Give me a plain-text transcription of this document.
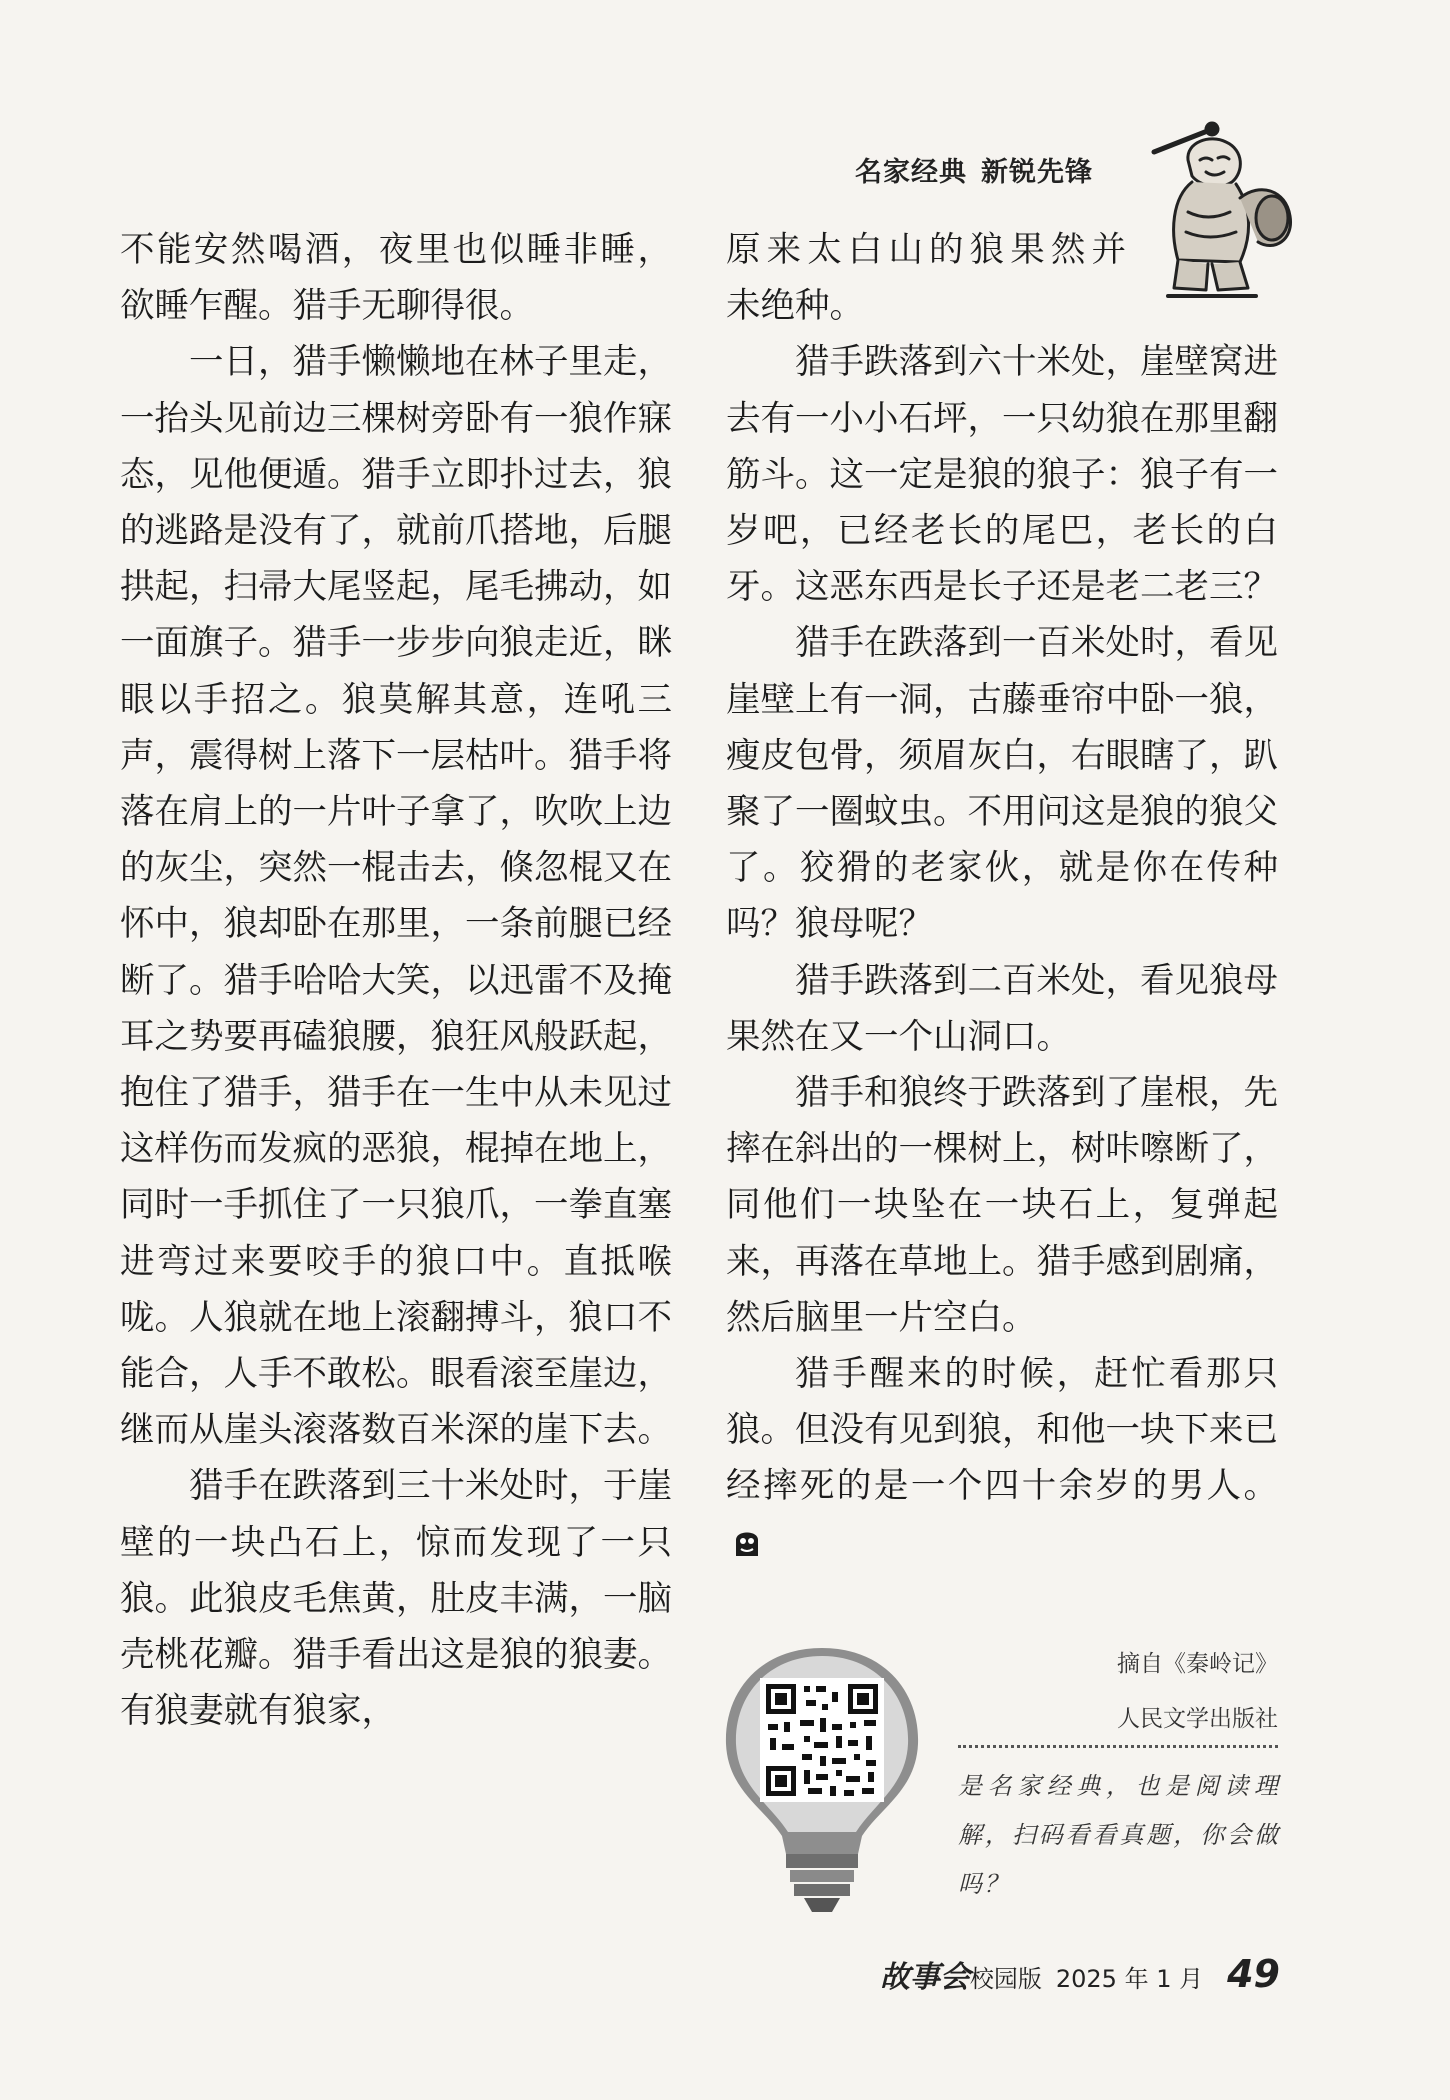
名家经典 新锐先锋

不能安然喝酒，夜里也似睡非睡，

欲睡乍醒。猎手无聊得很。

一日，猎手懒懒地在林子里走，一抬头见前边三棵树旁卧有一狼作寐态，见他便遁。猎手立即扑过去，狼的逃路是没有了，就前爪搭地，后腿拱起，扫帚大尾竖起，尾毛拂动，如一面旗子。猎手一步步向狼走近，眯眼以手招之。狼莫解其意，连吼三声，震得树上落下一层枯叶。猎手将落在肩上的一片叶子拿了，吹吹上边的灰尘，突然一棍击去，倏忽棍又在怀中，狼却卧在那里，一条前腿已经断了。猎手哈哈大笑，以迅雷不及掩耳之势要再磕狼腰，狼狂风般跃起，抱住了猎手，猎手在一生中从未见过这样伤而发疯的恶狼，棍掉在地上，同时一手抓住了一只狼爪，一拳直塞进弯过来要咬手的狼口中。直抵喉咙。人狼就在地上滚翻搏斗，狼口不能合，人手不敢松。眼看滚至崖边，继而从崖头滚落数百米深的崖下去。

猎手在跌落到三十米处时，于崖壁的一块凸石上，惊而发现了一只狼。此狼皮毛焦黄，肚皮丰满，一脑壳桃花瓣。猎手看出这是狼的狼妻。有狼妻就有狼家，

原来太白山的狼果然并
未绝种。

猎手跌落到六十米处，崖壁窝进去有一小小石坪，一只幼狼在那里翻筋斗。这一定是狼的狼子：狼子有一岁吧，已经老长的尾巴，老长的白牙。这恶东西是长子还是老二老三？

猎手在跌落到一百米处时，看见崖壁上有一洞，古藤垂帘中卧一狼，瘦皮包骨，须眉灰白，右眼瞎了，趴聚了一圈蚊虫。不用问这是狼的狼父了。狡猾的老家伙，就是你在传种吗？狼母呢？

猎手跌落到二百米处，看见狼母果然在又一个山洞口。

猎手和狼终于跌落到了崖根，先摔在斜出的一棵树上，树咔嚓断了，同他们一块坠在一块石上，复弹起来，再落在草地上。猎手感到剧痛，然后脑里一片空白。

猎手醒来的时候，赶忙看那只狼。但没有见到狼，和他一块下来已经摔死的是一个四十余岁的男人。

摘自《秦岭记》
人民文学出版社
是名家经典，也是阅读理解，扫码看看真题，你会做吗？
故事会 校园版 2025 年 1 月 49
